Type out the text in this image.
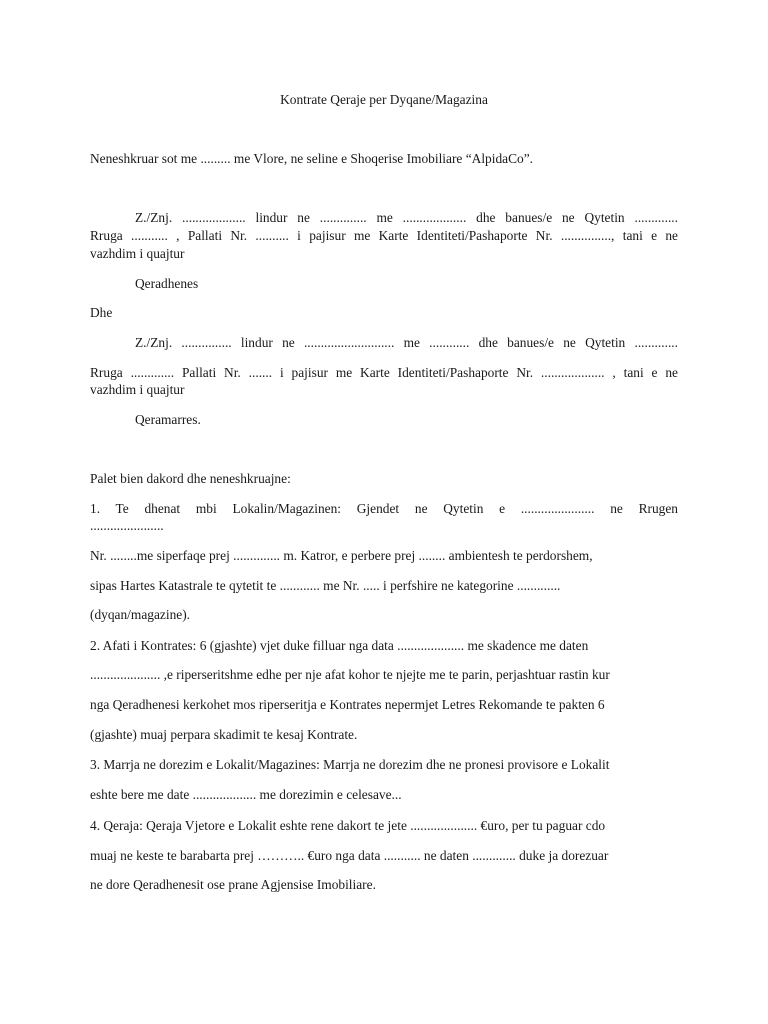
Kontrate Qeraje per Dyqane/Magazina
Neneshkruar sot me ......... me Vlore, ne seline e Shoqerise Imobiliare “AlpidaCo”.
Z./Znj. ................... lindur ne .............. me ................... dhe banues/e ne Qytetin .............
Rruga ........... , Pallati Nr. .......... i pajisur me Karte Identiteti/Pashaporte Nr. ..............., tani e ne
vazhdim i quajtur
Qeradhenes
Dhe
Z./Znj. ............... lindur ne ........................... me ............ dhe banues/e ne Qytetin .............
Rruga ............. Pallati Nr. ....... i pajisur me Karte Identiteti/Pashaporte Nr. ................... , tani e ne
vazhdim i quajtur
Qeramarres.
Palet bien dakord dhe neneshkruajne:
1. Te dhenat mbi Lokalin/Magazinen: Gjendet ne Qytetin e ...................... ne Rrugen
......................
Nr. ........me siperfaqe prej .............. m. Katror, e perbere prej ........ ambientesh te perdorshem,
sipas Hartes Katastrale te qytetit te ............ me Nr. ..... i perfshire ne kategorine .............
(dyqan/magazine).
2. Afati i Kontrates: 6 (gjashte) vjet duke filluar nga data .................... me skadence me daten
..................... ,e riperseritshme edhe per nje afat kohor te njejte me te parin, perjashtuar rastin kur
nga Qeradhenesi kerkohet mos riperseritja e Kontrates nepermjet Letres Rekomande te pakten 6
(gjashte) muaj perpara skadimit te kesaj Kontrate.
3. Marrja ne dorezim e Lokalit/Magazines: Marrja ne dorezim dhe ne pronesi provisore e Lokalit
eshte bere me date ................... me dorezimin e celesave...
4. Qeraja: Qeraja Vjetore e Lokalit eshte rene dakort te jete .................... €uro, per tu paguar cdo
muaj ne keste te barabarta prej ……….. €uro nga data ........... ne daten ............. duke ja dorezuar
ne dore Qeradhenesit ose prane Agjensise Imobiliare.
